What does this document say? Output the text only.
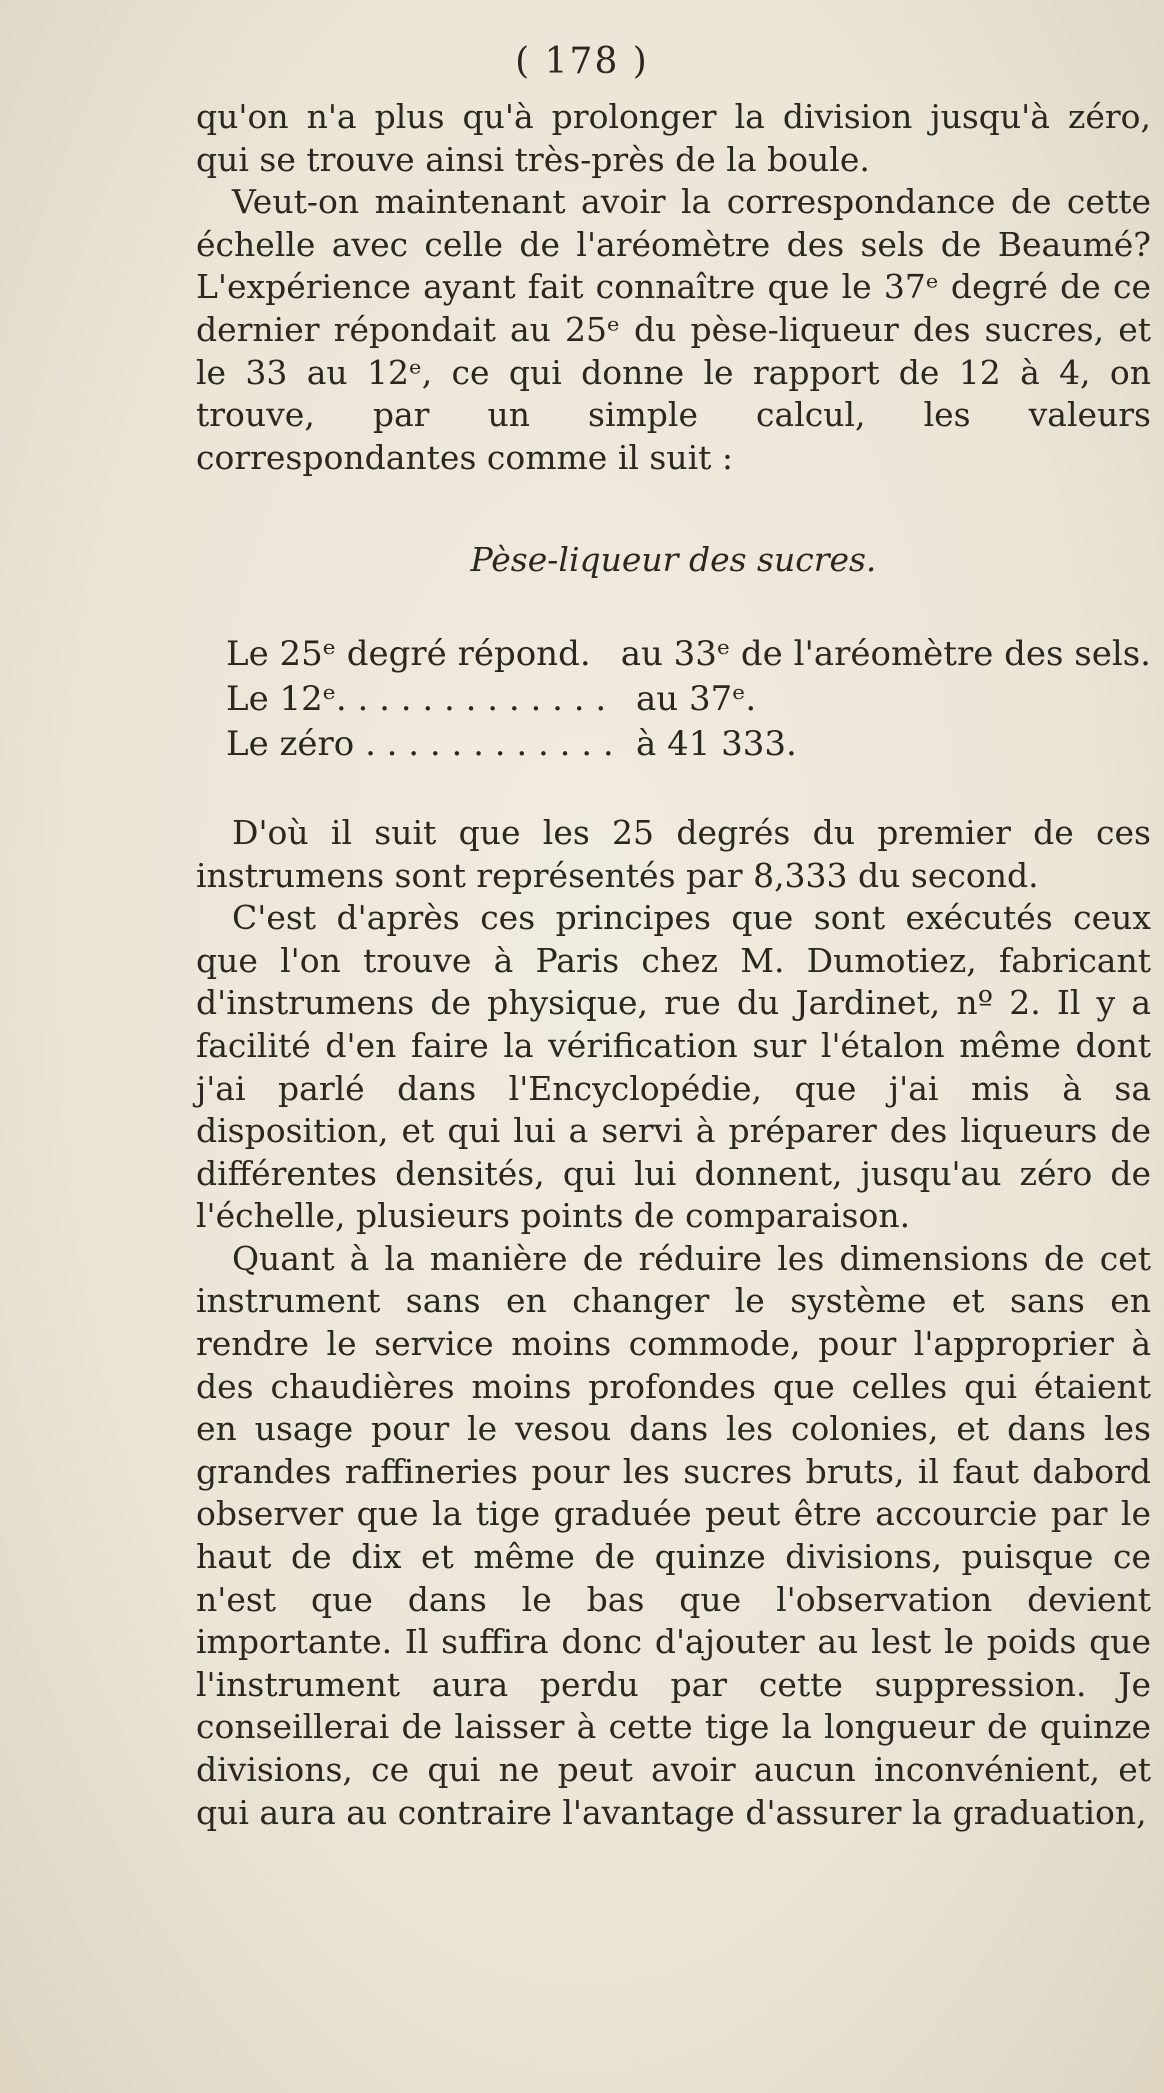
( 178 )

qu'on n'a plus qu'à prolonger la division jusqu'à zéro, qui se trouve ainsi très-près de la boule.

Veut-on maintenant avoir la correspondance de cette échelle avec celle de l'aréomètre des sels de Beaumé? L'expérience ayant fait connaître que le 37ᵉ degré de ce dernier répondait au 25ᵉ du pèse-liqueur des sucres, et le 33 au 12ᵉ, ce qui donne le rapport de 12 à 4, on trouve, par un simple calcul, les valeurs correspondantes comme il suit :

Pèse-liqueur des sucres.
Le 25ᵉ degré répond. au 33ᵉ de l'aréomètre des sels.
Le 12ᵉ. . . . . . . . . . . . . au 37ᵉ.
Le zéro . . . . . . . . . . . . à 41 333.

D'où il suit que les 25 degrés du premier de ces instrumens sont représentés par 8,333 du second.

C'est d'après ces principes que sont exécutés ceux que l'on trouve à Paris chez M. Dumotiez, fabricant d'instrumens de physique, rue du Jardinet, nº 2. Il y a facilité d'en faire la vérification sur l'étalon même dont j'ai parlé dans l'Encyclopédie, que j'ai mis à sa disposition, et qui lui a servi à préparer des liqueurs de différentes densités, qui lui donnent, jusqu'au zéro de l'échelle, plusieurs points de comparaison.

Quant à la manière de réduire les dimensions de cet instrument sans en changer le système et sans en rendre le service moins commode, pour l'approprier à des chaudières moins profondes que celles qui étaient en usage pour le vesou dans les colonies, et dans les grandes raffineries pour les sucres bruts, il faut dabord observer que la tige graduée peut être accourcie par le haut de dix et même de quinze divisions, puisque ce n'est que dans le bas que l'observation devient importante. Il suffira donc d'ajouter au lest le poids que l'instrument aura perdu par cette suppression. Je conseillerai de laisser à cette tige la longueur de quinze divisions, ce qui ne peut avoir aucun inconvénient, et qui aura au contraire l'avantage d'assurer la graduation,
